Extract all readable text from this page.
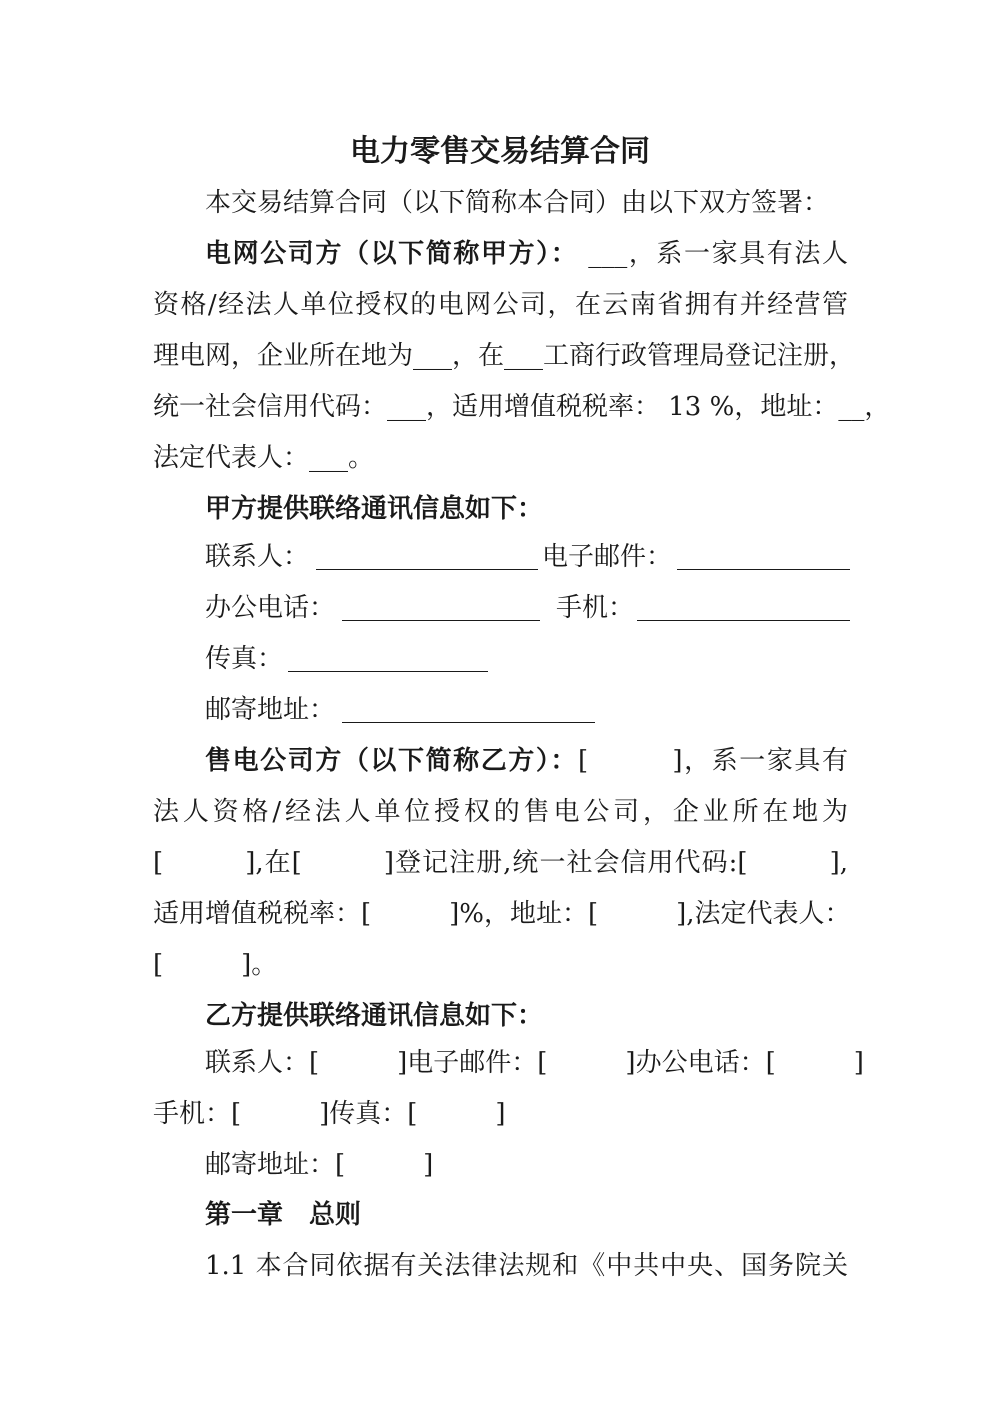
电力零售交易结算合同
本交易结算合同（以下简称本合同）由以下双方签署：
电网公司方（以下简称甲方）： ___，系一家具有法人
资格/经法人单位授权的电网公司，在云南省拥有并经营管
理电网，企业所在地为___，在___工商行政管理局登记注册，
统一社会信用代码：___，适用增值税税率： 13 %，地址：__，
法定代表人：___。
甲方提供联络通讯信息如下：
联系人：	电子邮件：
办公电话：	手机：
传真：
邮寄地址：
售电公司方（以下简称乙方）：[　　　]，系一家具有
法人资格/经法人单位授权的售电公司，企业所在地为
[　　　],在[　　　]登记注册,统一社会信用代码:[　　　],
适用增值税税率：[　　　]%，地址：[　　　],法定代表人：
[　　　]。
乙方提供联络通讯信息如下：
联系人：[　　　]电子邮件：[　　　]办公电话：[　　　]
手机：[　　　]传真：[　　　]
邮寄地址：[　　　]
第一章　总则
1.1 本合同依据有关法律法规和《中共中央、国务院关
